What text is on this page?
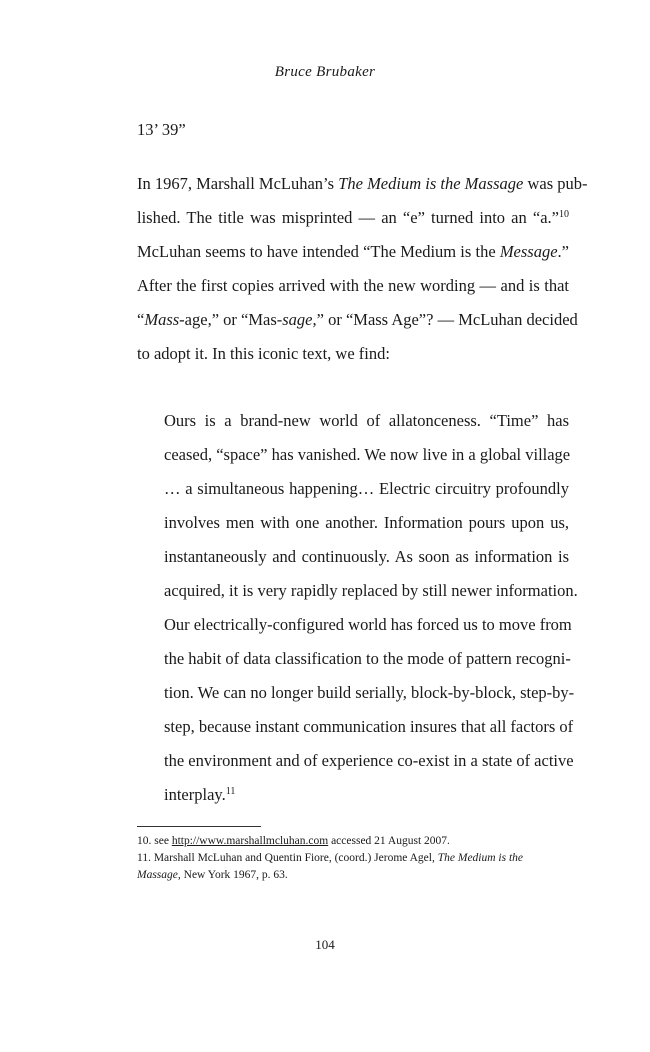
Bruce Brubaker
13’ 39”
In 1967, Marshall McLuhan’s The Medium is the Massage was pub-
lished. The title was misprinted — an “e” turned into an “a.”$^{10}$
McLuhan seems to have intended “The Medium is the Message.”
After the first copies arrived with the new wording — and is that
“Mass-age,” or “Mas-sage,” or “Mass Age”? — McLuhan decided
to adopt it. In this iconic text, we find:
Ours is a brand-new world of allatonceness. “Time” has
ceased, “space” has vanished. We now live in a global village
… a simultaneous happening… Electric circuitry profoundly
involves men with one another. Information pours upon us,
instantaneously and continuously. As soon as information is
acquired, it is very rapidly replaced by still newer information.
Our electrically-configured world has forced us to move from
the habit of data classification to the mode of pattern recogni-
tion. We can no longer build serially, block-by-block, step-by-
step, because instant communication insures that all factors of
the environment and of experience co-exist in a state of active
interplay.$^{11}$
10. see http://www.marshallmcluhan.com accessed 21 August 2007.
11. Marshall McLuhan and Quentin Fiore, (coord.) Jerome Agel, The Medium is the
Massage, New York 1967, p. 63.
104
